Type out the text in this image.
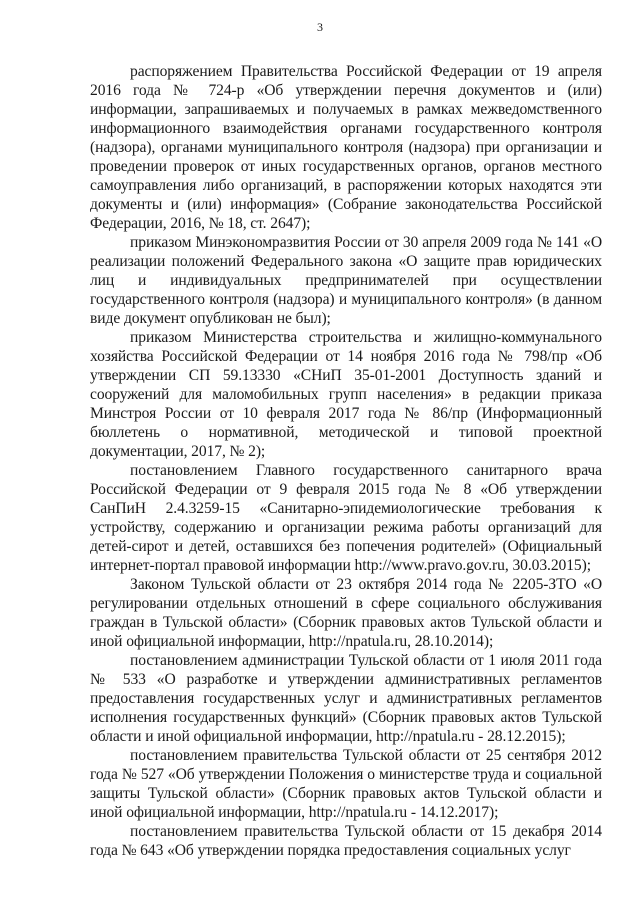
3

распоряжением Правительства Российской Федерации от 19 апреля 2016 года № 724-р «Об утверждении перечня документов и (или) информации, запрашиваемых и получаемых в рамках межведомственного информационного взаимодействия органами государственного контроля (надзора), органами муниципального контроля (надзора) при организации и проведении проверок от иных государственных органов, органов местного самоуправления либо организаций, в распоряжении которых находятся эти документы и (или) информация» (Собрание законодательства Российской Федерации, 2016, № 18, ст. 2647);

приказом Минэкономразвития России от 30 апреля 2009 года № 141 «О реализации положений Федерального закона «О защите прав юридических лиц и индивидуальных предпринимателей при осуществлении государственного контроля (надзора) и муниципального контроля» (в данном виде документ опубликован не был);

приказом Министерства строительства и жилищно-коммунального хозяйства Российской Федерации от 14 ноября 2016 года № 798/пр «Об утверждении СП 59.13330 «СНиП 35-01-2001 Доступность зданий и сооружений для маломобильных групп населения» в редакции приказа Минстроя России от 10 февраля 2017 года № 86/пр (Информационный бюллетень о нормативной, методической и типовой проектной документации, 2017, № 2);

постановлением Главного государственного санитарного врача Российской Федерации от 9 февраля 2015 года № 8 «Об утверждении СанПиН 2.4.3259-15 «Санитарно-эпидемиологические требования к устройству, содержанию и организации режима работы организаций для детей-сирот и детей, оставшихся без попечения родителей» (Официальный интернет-портал правовой информации http://www.pravo.gov.ru, 30.03.2015);

Законом Тульской области от 23 октября 2014 года № 2205-ЗТО «О регулировании отдельных отношений в сфере социального обслуживания граждан в Тульской области» (Сборник правовых актов Тульской области и иной официальной информации, http://npatula.ru, 28.10.2014);

постановлением администрации Тульской области от 1 июля 2011 года № 533 «О разработке и утверждении административных регламентов предоставления государственных услуг и административных регламентов исполнения государственных функций» (Сборник правовых актов Тульской области и иной официальной информации, http://npatula.ru - 28.12.2015);

постановлением правительства Тульской области от 25 сентября 2012 года № 527 «Об утверждении Положения о министерстве труда и социальной защиты Тульской области» (Сборник правовых актов Тульской области и иной официальной информации, http://npatula.ru - 14.12.2017);

постановлением правительства Тульской области от 15 декабря 2014 года № 643 «Об утверждении порядка предоставления социальных услуг
